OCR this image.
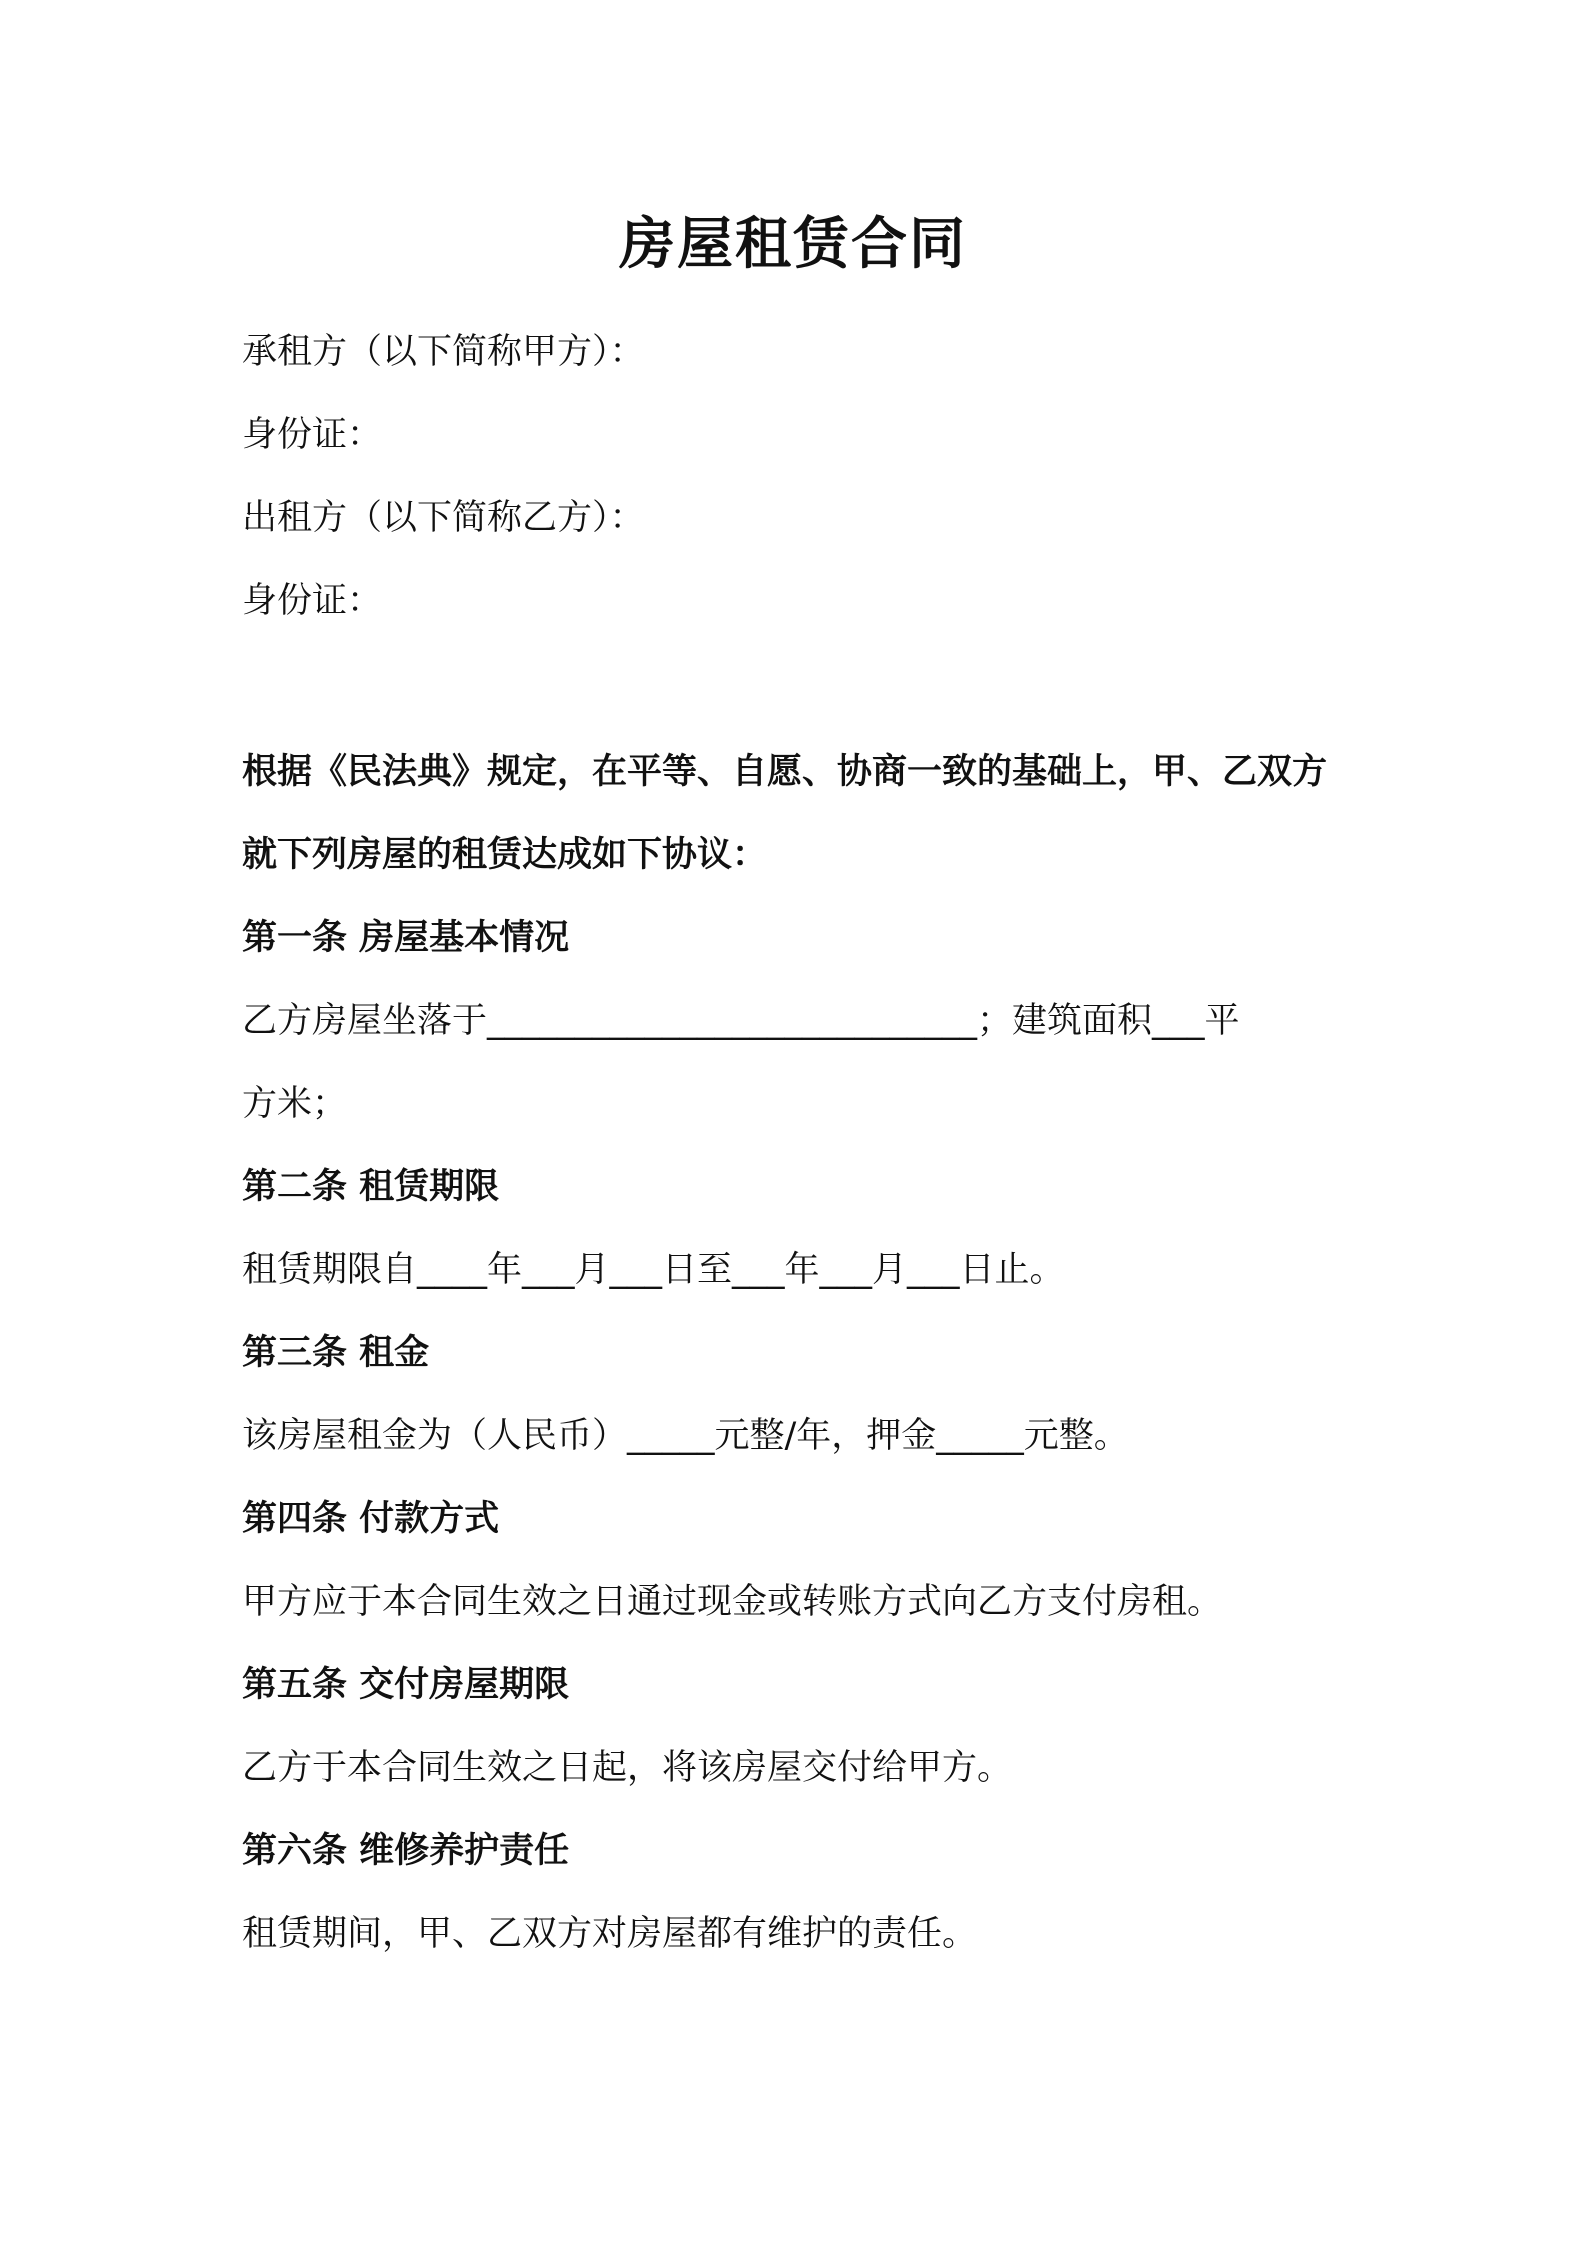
房屋租赁合同
承租方（以下简称甲方）：
身份证：
出租方（以下简称乙方）：
身份证：
根据《民法典》规定，在平等、自愿、协商一致的基础上，甲、乙双方
就下列房屋的租赁达成如下协议：
第一条 房屋基本情况
乙方房屋坐落于____________________________；建筑面积___平
方米；
第二条 租赁期限
租赁期限自____年___月___日至___年___月___日止。
第三条 租金
该房屋租金为（人民币）_____元整/年，押金_____元整。
第四条 付款方式
甲方应于本合同生效之日通过现金或转账方式向乙方支付房租。
第五条 交付房屋期限
乙方于本合同生效之日起，将该房屋交付给甲方。
第六条 维修养护责任
租赁期间，甲、乙双方对房屋都有维护的责任。
